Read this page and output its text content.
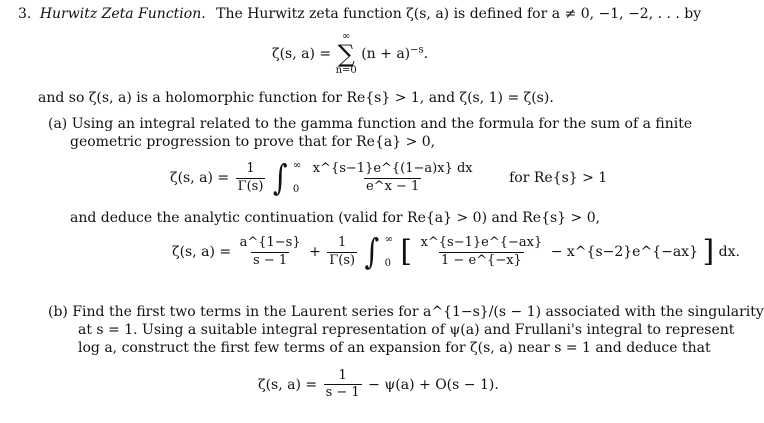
3. Hurwitz Zeta Function. The Hurwitz zeta function ζ(s, a) is defined for a ≠ 0, −1, −2, . . . by
ζ(s, a) =
∞
∑
n=0
$(n + a)^{-s}$.
and so ζ(s, a) is a holomorphic function for Re{s} > 1, and ζ(s, 1) = ζ(s).
(a) Using an integral related to the gamma function and the formula for the sum of a finite
geometric progression to prove that for Re{a} > 0,
ζ(s, $a) = \frac{1}{\Gamma(s)}$ ∫ ∞
0
$\frac{x\^{}\{s-1\}e\^{}\{(1-a)x\} dx}{e\^{}x - 1}$ for Re{s} > 1
and deduce the analytic continuation (valid for Re{a} > 0) and Re{s} > 0,
ζ(s, $a) = \frac{a\^{}\{1-s\}}{s - 1} + \frac{1}{\Gamma(s)}$ ∫ ∞
0 [ $\frac{x\^{}\{s-1\}e\^{}\{-ax\}}{1 - e\^{}\{-x\}}$ − x^{s−2}e^{−ax} ] dx.
(b) Find the first two terms in the Laurent series for a^{1−s}/(s − 1) associated with the singularity
at s = 1. Using a suitable integral representation of ψ(a) and Frullani's integral to represent
log a, construct the first few terms of an expansion for ζ(s, a) near s = 1 and deduce that
ζ(s, $a) = \frac{1}{s - 1} - \psi(a) + O(s - 1)$.
